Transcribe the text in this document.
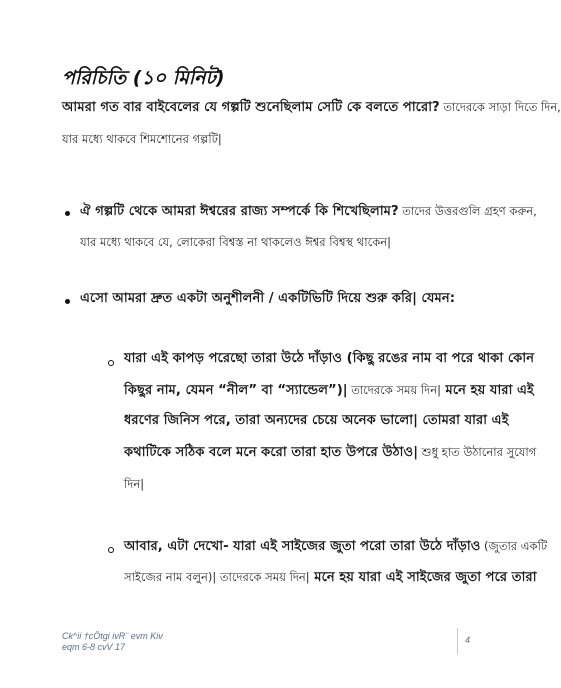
পরিচিতি (১০ মিনিট)
আমরা গত বার বাইবেলের যে গল্পটি শুনেছিলাম সেটি কে বলতে পারো? তাদেরকে সাড়া দিতে দিন,
যার মধ্যে থাকবে শিমশোনের গল্পটি|
ঐ গল্পটি থেকে আমরা ঈশ্বরের রাজ্য সম্পর্কে কি শিখেছিলাম? তাদের উত্তরগুলি গ্রহণ করুন,
যার মধ্যে থাকবে যে, লোকেরা বিশ্বস্ত না থাকলেও ঈশ্বর বিশ্বস্থ থাকেন|
এসো আমরা দ্রুত একটা অনুশীলনী / একটিভিটি দিয়ে শুরু করি| যেমন:
যারা এই কাপড় পরেছো তারা উঠে দাঁড়াও (কিছু রঙের নাম বা পরে থাকা কোন
কিছুর নাম, যেমন “নীল” বা “স্যান্ডেল”)| তাদেরকে সময় দিন| মনে হয় যারা এই
ধরণের জিনিস পরে, তারা অন্যদের চেয়ে অনেক ভালো| তোমরা যারা এই
কথাটিকে সঠিক বলে মনে করো তারা হাত উপরে উঠাও| শুধু হাত উঠানোর সুযোগ
দিন|
আবার, এটা দেখো- যারা এই সাইজের জুতা পরো তারা উঠে দাঁড়াও (জুতার একটি
সাইজের নাম বলুন)| তাদেরকে সময় দিন| মনে হয় যারা এই সাইজের জুতা পরে তারা
Ck^ii †cÖtgi ivR¨ evm Kiv
eqm 6-8 cvV 17
4
